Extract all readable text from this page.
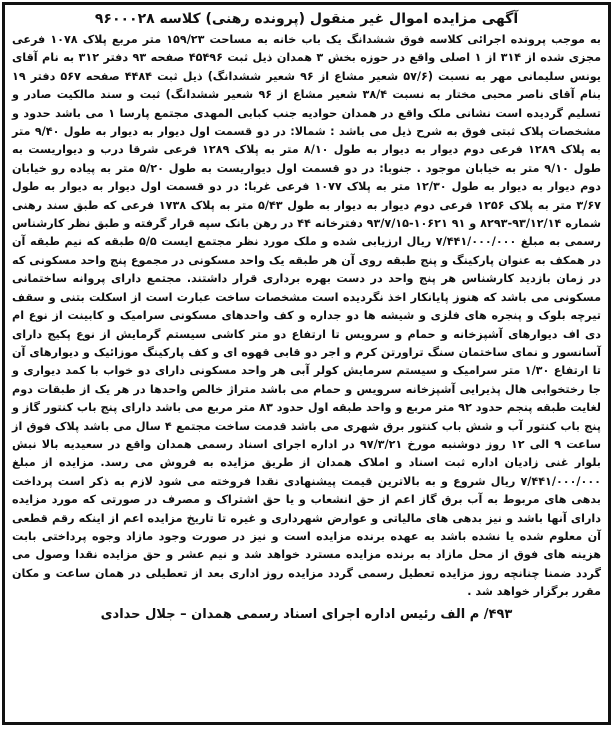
آگهی مزایده اموال غیر منقول (پرونده رهنی) کلاسه ۹۶۰۰۰۲۸

به موجب پرونده اجرائی کلاسه فوق ششدانگ یک باب خانه به مساحت ۱۵۹/۲۳ متر مربع پلاک ۱۰۷۸ فرعی مجزی شده از ۳۱۴ از ۱ اصلی واقع در حوزه بخش ۳ همدان ذیل ثبت ۴۵۴۹۶ صفحه ۹۳ دفتر ۳۱۲ به نام آقای یونس سلیمانی مهر به نسبت (۵۷/۶ شعیر مشاع از ۹۶ شعیر ششدانگ) ذیل ثبت ۴۴۸۴ صفحه ۵۶۷ دفتر ۱۹ بنام آقای ناصر محبی مختار به نسبت ۳۸/۴ شعیر مشاع از ۹۶ شعیر ششدانگ) ثبت و سند مالکیت صادر و تسلیم گردیده است نشانی ملک واقع در همدان حوادیه جنب کبابی المهدی مجتمع پارسا ۱ می باشد حدود و مشخصات پلاک ثبتی فوق به شرح ذیل می باشد : شمالا: در دو قسمت اول دیوار به دیوار به طول ۹/۴۰ متر به پلاک ۱۲۸۹ فرعی دوم دیوار به دیوار به طول ۸/۱۰ متر به پلاک ۱۲۸۹ فرعی شرقا درب و دیواریست به طول ۹/۱۰ متر به خیابان موجود . جنوبا: در دو قسمت اول دیواریست به طول ۵/۲۰ متر به پیاده رو خیابان دوم دیوار به دیوار به طول ۱۲/۳۰ متر به پلاک ۱۰۷۷ فرعی غربا: در دو قسمت اول دیوار به دیوار به طول ۳/۶۷ متر به پلاک ۱۲۵۶ فرعی دوم دیوار به دیوار به طول ۵/۴۳ متر به پلاک ۱۷۳۸ فرعی که طبق سند رهنی شماره ۹۳/۱۲/۱۴-۸۲۹۳ و ۹۱ ۱۰۶۲۱-۹۳/۷/۱۵ دفترخانه ۴۴ در رهن بانک سپه قرار گرفته و طبق نظر کارشناس رسمی به مبلغ ۷/۴۴۱/۰۰۰/۰۰۰ ریال ارزیابی شده و ملک مورد نظر مجتمع ایست ۵/۵ طبقه که نیم طبقه آن در همکف به عنوان پارکینگ و پنج طبقه روی آن هر طبقه یک واحد مسکونی در مجموع پنج واحد مسکونی که در زمان بازدید کارشناس هر پنج واحد در دست بهره برداری قرار داشتند. مجتمع دارای پروانه ساختمانی مسکونی می باشد که هنوز پایانکار اخذ نگردیده است مشخصات ساخت عبارت است از اسکلت بتنی و سقف تیرچه بلوک و پنجره های فلزی و شیشه ها دو جداره و کف واحدهای مسکونی سرامیک و کابینت از نوع ام دی اف دیوارهای آشپزخانه و حمام و سرویس تا ارتفاع دو متر کاشی سیستم گرمایش از نوع پکیج دارای آسانسور و نمای ساختمان سنگ تراورتن کرم و اجر دو قابی قهوه ای و کف پارکینگ موزائیک و دیوارهای آن تا ارتفاع ۱/۳۰ متر سرامیک و سیستم سرمایش کولر آبی هر واحد مسکونی دارای دو خواب با کمد دیواری و جا رختخوابی هال پذیرایی آشپزخانه سرویس و حمام می باشد متراژ خالص واحدها در هر یک از طبقات دوم لغایت طبقه پنجم حدود ۹۲ متر مربع و واحد طبقه اول حدود ۸۳ متر مربع می باشد دارای پنج باب کنتور گاز و پنج باب کنتور آب و شش باب کنتور برق شهری می باشد قدمت ساخت مجتمع ۴ سال می باشد پلاک فوق از ساعت ۹ الی ۱۲ روز دوشنبه مورخ ۹۷/۳/۲۱ در اداره اجرای اسناد رسمی همدان واقع در سعیدیه بالا نبش بلوار غنی زادیان اداره ثبت اسناد و املاک همدان از طریق مزایده به فروش می رسد. مزایده از مبلغ ۷/۴۴۱/۰۰۰/۰۰۰ ریال شروع و به بالاترین قیمت پیشنهادی نقدا فروخته می شود لازم به ذکر است پرداخت بدهی های مربوط به آب برق گاز اعم از حق انشعاب و یا حق اشتراک و مصرف در صورتی که مورد مزایده دارای آنها باشد و نیز بدهی های مالیاتی و عوارض شهرداری و غیره تا تاریخ مزایده اعم از اینکه رقم قطعی آن معلوم شده یا نشده باشد به عهده برنده مزایده است و نیز در صورت وجود مازاد وجوه پرداختی بابت هزینه های فوق از محل مازاد به برنده مزایده مسترد خواهد شد و نیم عشر و حق مزایده نقدا وصول می گردد ضمنا چنانچه روز مزایده تعطیل رسمی گردد مزایده روز اداری بعد از تعطیلی در همان ساعت و مکان مقرر برگزار خواهد شد .

۴۹۳/ م الف رئیس اداره اجرای اسناد رسمی همدان – جلال حدادی
